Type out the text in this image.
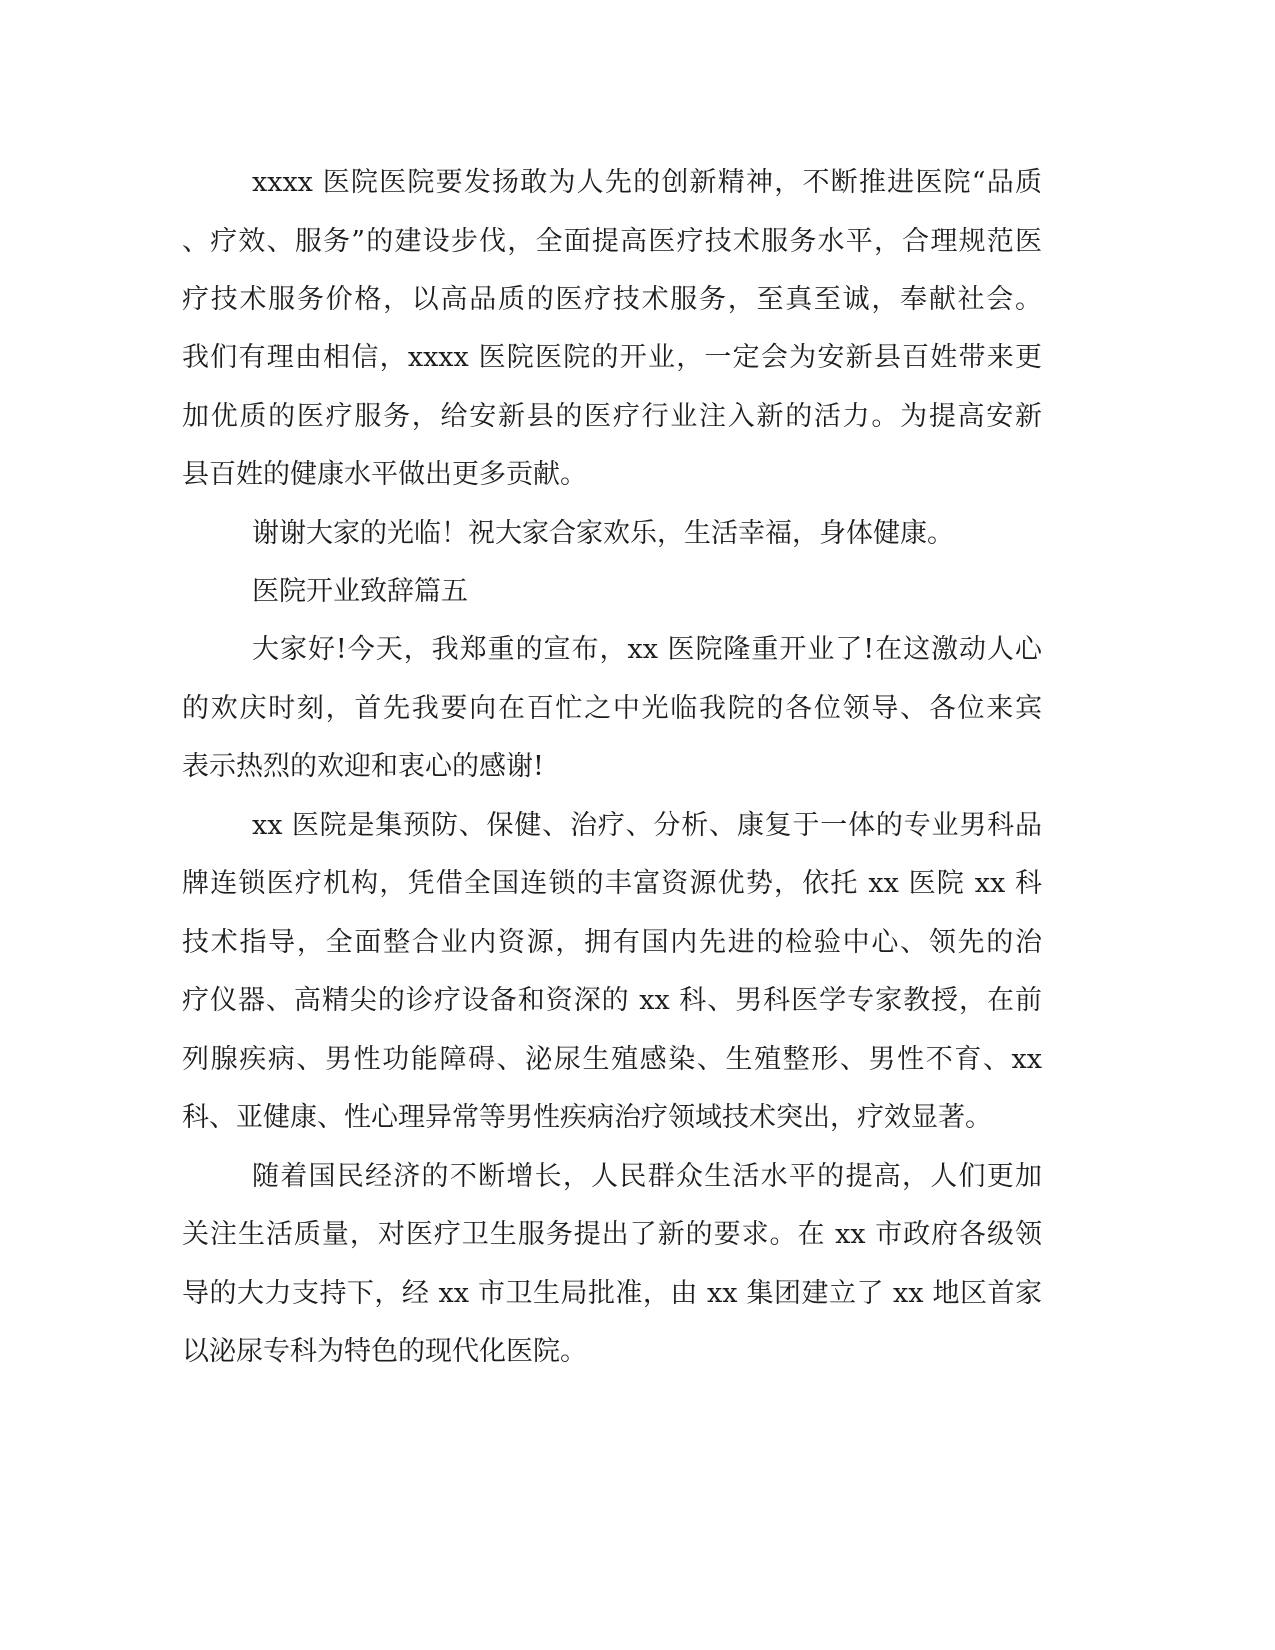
xxxx 医院医院要发扬敢为人先的创新精神，不断推进医院“品质
、疗效、服务”的建设步伐，全面提高医疗技术服务水平，合理规范医
疗技术服务价格，以高品质的医疗技术服务，至真至诚，奉献社会。
我们有理由相信，xxxx 医院医院的开业，一定会为安新县百姓带来更
加优质的医疗服务，给安新县的医疗行业注入新的活力。为提高安新
县百姓的健康水平做出更多贡献。
谢谢大家的光临！祝大家合家欢乐，生活幸福，身体健康。
医院开业致辞篇五
大家好!今天，我郑重的宣布，xx 医院隆重开业了!在这激动人心
的欢庆时刻，首先我要向在百忙之中光临我院的各位领导、各位来宾
表示热烈的欢迎和衷心的感谢!
xx 医院是集预防、保健、治疗、分析、康复于一体的专业男科品
牌连锁医疗机构，凭借全国连锁的丰富资源优势，依托 xx 医院 xx 科
技术指导，全面整合业内资源，拥有国内先进的检验中心、领先的治
疗仪器、高精尖的诊疗设备和资深的 xx 科、男科医学专家教授，在前
列腺疾病、男性功能障碍、泌尿生殖感染、生殖整形、男性不育、xx
科、亚健康、性心理异常等男性疾病治疗领域技术突出，疗效显著。
随着国民经济的不断增长，人民群众生活水平的提高，人们更加
关注生活质量，对医疗卫生服务提出了新的要求。在 xx 市政府各级领
导的大力支持下，经 xx 市卫生局批准，由 xx 集团建立了 xx 地区首家
以泌尿专科为特色的现代化医院。
